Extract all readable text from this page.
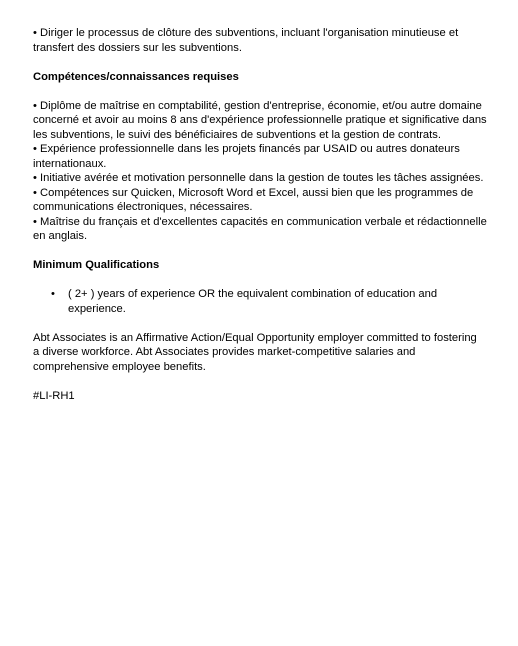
• Diriger le processus de clôture des subventions, incluant l'organisation minutieuse et
transfert des dossiers sur les subventions.

Compétences/connaissances requises

• Diplôme de maîtrise en comptabilité, gestion d'entreprise, économie, et/ou autre domaine
concerné et avoir au moins 8 ans d'expérience professionnelle pratique et significative dans
les subventions, le suivi des bénéficiaires de subventions et la gestion de contrats.

• Expérience professionnelle dans les projets financés par USAID ou autres donateurs
internationaux.

• Initiative avérée et motivation personnelle dans la gestion de toutes les tâches assignées.

• Compétences sur Quicken, Microsoft Word et Excel, aussi bien que les programmes de
communications électroniques, nécessaires.

• Maîtrise du français et d'excellentes capacités en communication verbale et rédactionnelle
en anglais.

Minimum Qualifications

• ( 2+ ) years of experience OR the equivalent combination of education and
experience.

Abt Associates is an Affirmative Action/Equal Opportunity employer committed to fostering
a diverse workforce. Abt Associates provides market-competitive salaries and
comprehensive employee benefits.

#LI-RH1
